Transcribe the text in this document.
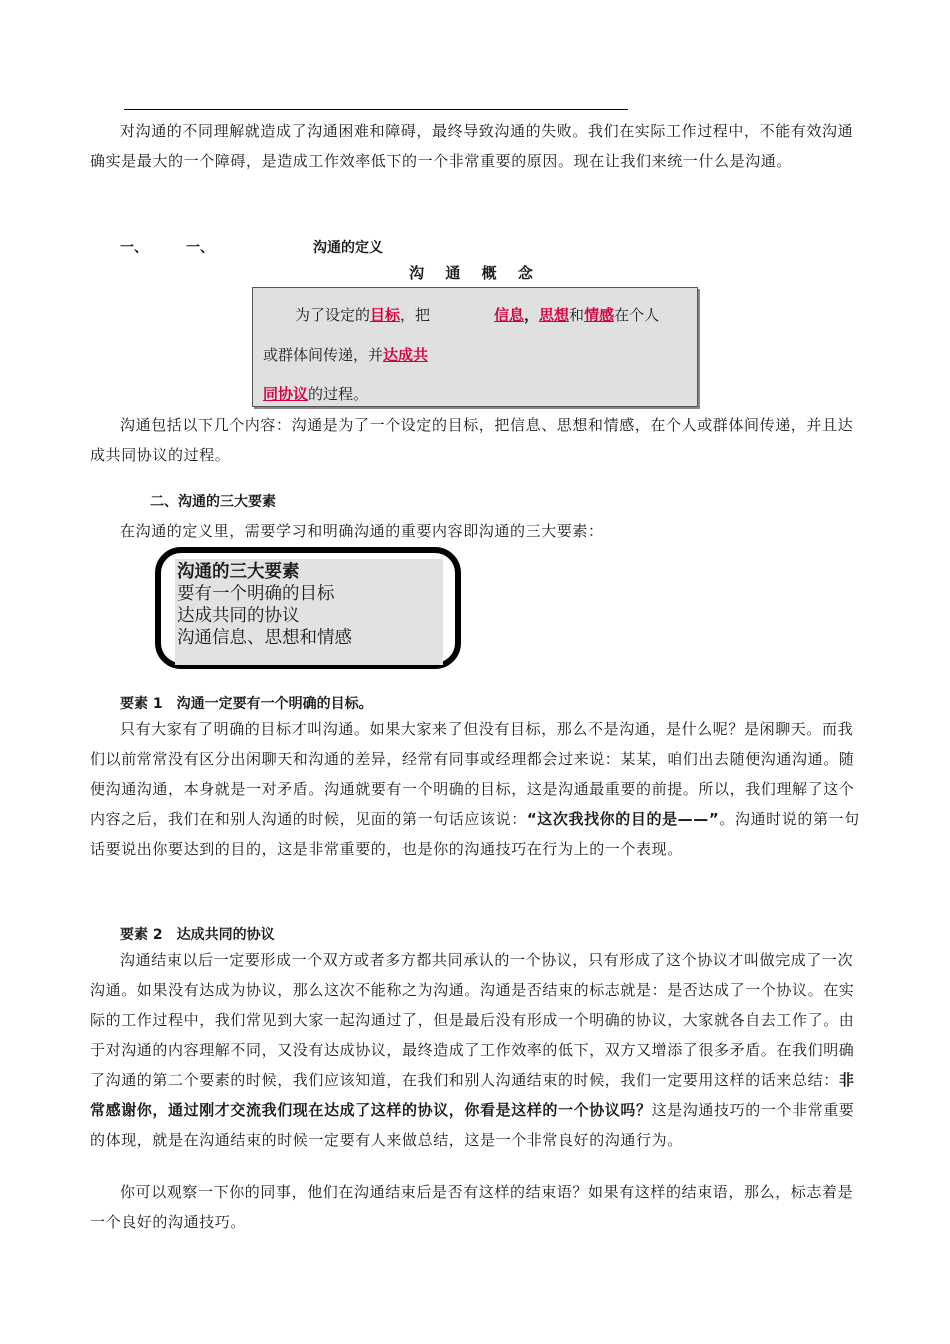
对沟通的不同理解就造成了沟通困难和障碍，最终导致沟通的失败。我们在实际工作过程中，不能有效沟通确实是最大的一个障碍，是造成工作效率低下的一个非常重要的原因。现在让我们来统一什么是沟通。
一、	一、	沟通的定义
沟 通 概 念
为了设定的目标，把	信息，思想和情感在个人
或群体间传递，并达成共
同协议的过程。
沟通包括以下几个内容：沟通是为了一个设定的目标，把信息、思想和情感，在个人或群体间传递，并且达成共同协议的过程。
二、沟通的三大要素
在沟通的定义里，需要学习和明确沟通的重要内容即沟通的三大要素：
沟通的三大要素
要有一个明确的目标
达成共同的协议
沟通信息、思想和情感
要素 1　沟通一定要有一个明确的目标。
只有大家有了明确的目标才叫沟通。如果大家来了但没有目标，那么不是沟通，是什么呢？是闲聊天。而我们以前常常没有区分出闲聊天和沟通的差异，经常有同事或经理都会过来说：某某，咱们出去随便沟通沟通。随便沟通沟通，本身就是一对矛盾。沟通就要有一个明确的目标，这是沟通最重要的前提。所以，我们理解了这个内容之后，我们在和别人沟通的时候，见面的第一句话应该说：“这次我找你的目的是——”。沟通时说的第一句话要说出你要达到的目的，这是非常重要的，也是你的沟通技巧在行为上的一个表现。
要素 2　达成共同的协议
沟通结束以后一定要形成一个双方或者多方都共同承认的一个协议，只有形成了这个协议才叫做完成了一次沟通。如果没有达成为协议，那么这次不能称之为沟通。沟通是否结束的标志就是：是否达成了一个协议。在实际的工作过程中，我们常见到大家一起沟通过了，但是最后没有形成一个明确的协议，大家就各自去工作了。由于对沟通的内容理解不同，又没有达成协议，最终造成了工作效率的低下，双方又增添了很多矛盾。在我们明确了沟通的第二个要素的时候，我们应该知道，在我们和别人沟通结束的时候，我们一定要用这样的话来总结：非常感谢你，通过刚才交流我们现在达成了这样的协议，你看是这样的一个协议吗？这是沟通技巧的一个非常重要的体现，就是在沟通结束的时候一定要有人来做总结，这是一个非常良好的沟通行为。
你可以观察一下你的同事，他们在沟通结束后是否有这样的结束语？如果有这样的结束语，那么，标志着是一个良好的沟通技巧。
